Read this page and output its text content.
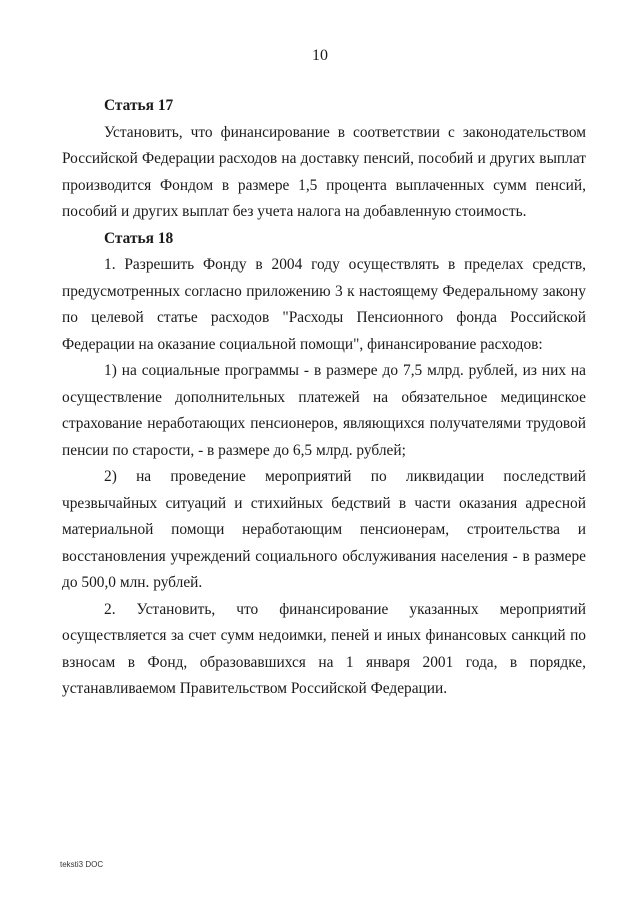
10

Статья 17

Установить, что финансирование в соответствии с законодательством Российской Федерации расходов на доставку пенсий, пособий и других выплат производится Фондом в размере 1,5 процента выплаченных сумм пенсий, пособий и других выплат без учета налога на добавленную стоимость.

Статья 18

1. Разрешить Фонду в 2004 году осуществлять в пределах средств, предусмотренных согласно приложению 3 к настоящему Федеральному закону по целевой статье расходов "Расходы Пенсионного фонда Российской Федерации на оказание социальной помощи", финансирование расходов:

1) на социальные программы - в размере до 7,5 млрд. рублей, из них на осуществление дополнительных платежей на обязательное медицинское страхование неработающих пенсионеров, являющихся получателями трудовой пенсии по старости, - в размере до 6,5 млрд. рублей;

2) на проведение мероприятий по ликвидации последствий чрезвычайных ситуаций и стихийных бедствий в части оказания адресной материальной помощи неработающим пенсионерам, строительства и восстановления учреждений социального обслуживания населения - в размере до 500,0 млн. рублей.

2. Установить, что финансирование указанных мероприятий осуществляется за счет сумм недоимки, пеней и иных финансовых санкций по взносам в Фонд, образовавшихся на 1 января 2001 года, в порядке, устанавливаемом Правительством Российской Федерации.

teksti3 DOC
